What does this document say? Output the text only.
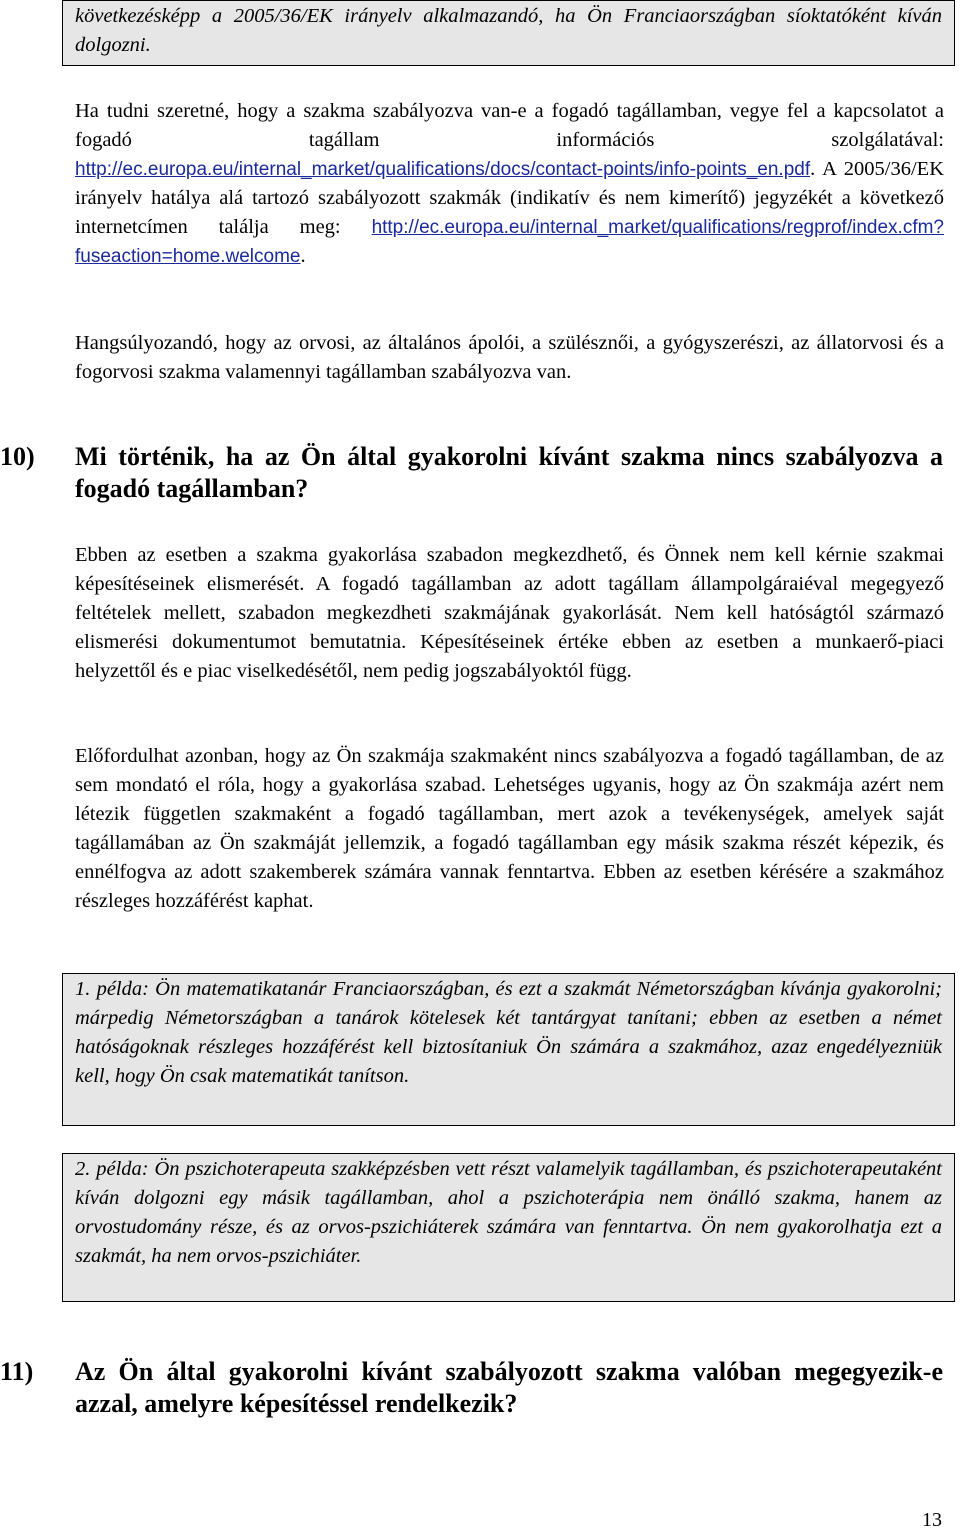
következésképp a 2005/36/EK irányelv alkalmazandó, ha Ön Franciaországban síoktatóként kíván dolgozni.
Ha tudni szeretné, hogy a szakma szabályozva van-e a fogadó tagállamban, vegye fel a kapcsolatot a fogadó tagállam információs szolgálatával: http://ec.europa.eu/internal_market/qualifications/docs/contact-points/info-points_en.pdf. A 2005/36/EK irányelv hatálya alá tartozó szabályozott szakmák (indikatív és nem kimerítő) jegyzékét a következő internetcímen találja meg: http://ec.europa.eu/internal_market/qualifications/regprof/index.cfm?fuseaction=home.welcome.
Hangsúlyozandó, hogy az orvosi, az általános ápolói, a szülésznői, a gyógyszerészi, az állatorvosi és a fogorvosi szakma valamennyi tagállamban szabályozva van.
10) Mi történik, ha az Ön által gyakorolni kívánt szakma nincs szabályozva a fogadó tagállamban?
Ebben az esetben a szakma gyakorlása szabadon megkezdhető, és Önnek nem kell kérnie szakmai képesítéseinek elismerését. A fogadó tagállamban az adott tagállam állampolgáraiéval megegyező feltételek mellett, szabadon megkezdheti szakmájának gyakorlását. Nem kell hatóságtól származó elismerési dokumentumot bemutatnia. Képesítéseinek értéke ebben az esetben a munkaerő-piaci helyzettől és e piac viselkedésétől, nem pedig jogszabályoktól függ.
Előfordulhat azonban, hogy az Ön szakmája szakmaként nincs szabályozva a fogadó tagállamban, de az sem mondató el róla, hogy a gyakorlása szabad. Lehetséges ugyanis, hogy az Ön szakmája azért nem létezik független szakmaként a fogadó tagállamban, mert azok a tevékenységek, amelyek saját tagállamában az Ön szakmáját jellemzik, a fogadó tagállamban egy másik szakma részét képezik, és ennélfogva az adott szakemberek számára vannak fenntartva. Ebben az esetben kérésére a szakmához részleges hozzáférést kaphat.
1. példa: Ön matematikatanár Franciaországban, és ezt a szakmát Németországban kívánja gyakorolni; márpedig Németországban a tanárok kötelesek két tantárgyat tanítani; ebben az esetben a német hatóságoknak részleges hozzáférést kell biztosítaniuk Ön számára a szakmához, azaz engedélyezniük kell, hogy Ön csak matematikát tanítson.
2. példa: Ön pszichoterapeuta szakképzésben vett részt valamelyik tagállamban, és pszichoterapeutaként kíván dolgozni egy másik tagállamban, ahol a pszichoterápia nem önálló szakma, hanem az orvostudomány része, és az orvos-pszichiáterek számára van fenntartva. Ön nem gyakorolhatja ezt a szakmát, ha nem orvos-pszichiáter.
11) Az Ön által gyakorolni kívánt szabályozott szakma valóban megegyezik-e azzal, amelyre képesítéssel rendelkezik?
13
